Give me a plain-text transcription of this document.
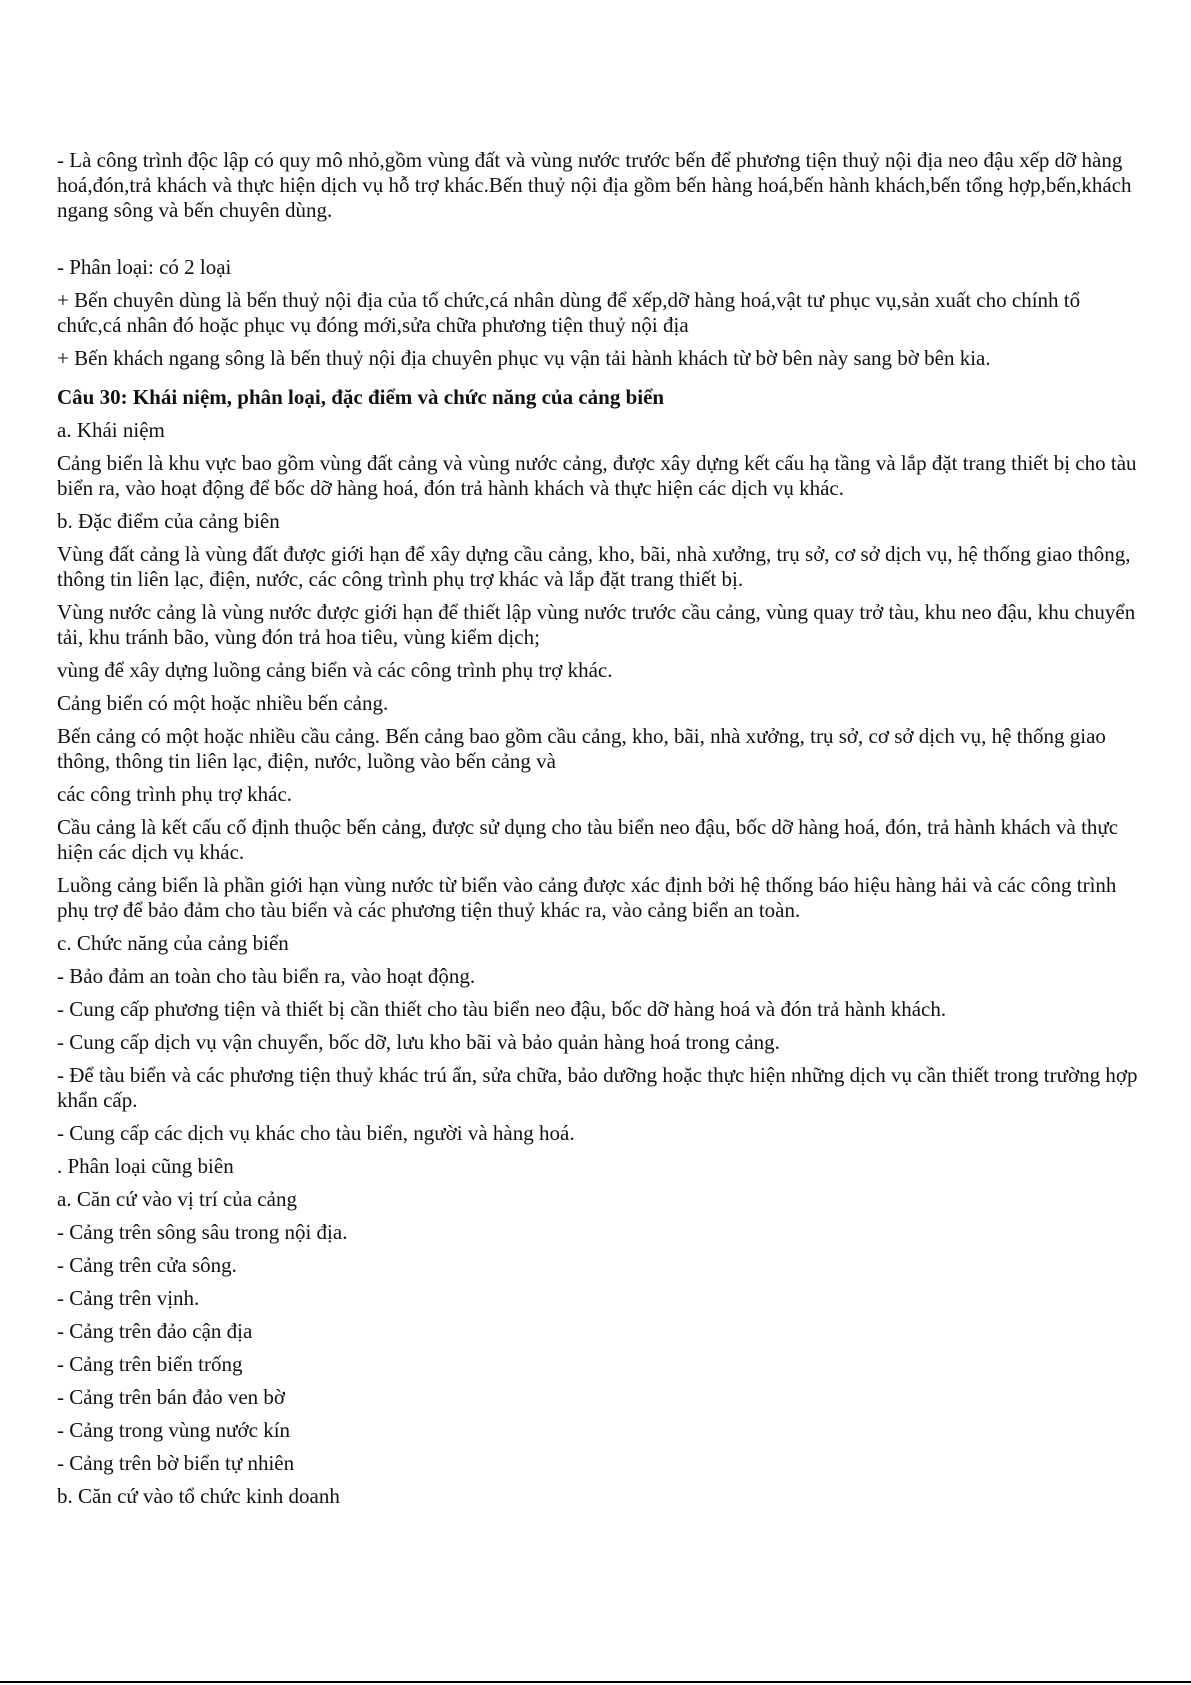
- Là công trình độc lập có quy mô nhỏ,gồm vùng đất và vùng nước trước bến để phương tiện thuỷ nội địa neo đậu xếp dỡ hàng hoá,đón,trả khách và thực hiện dịch vụ hỗ trợ khác.Bến thuỷ nội địa gồm bến hàng hoá,bến hành khách,bến tổng hợp,bến,khách ngang sông và bến chuyên dùng.

- Phân loại: có 2 loại

+ Bến chuyên dùng là bến thuỷ nội địa của tổ chức,cá nhân dùng để xếp,dỡ hàng hoá,vật tư phục vụ,sản xuất cho chính tổ chức,cá nhân đó hoặc phục vụ đóng mới,sửa chữa phương tiện thuỷ nội địa

+ Bến khách ngang sông là bến thuỷ nội địa chuyên phục vụ vận tải hành khách từ bờ bên này sang bờ bên kia.

Câu 30: Khái niệm, phân loại, đặc điểm và chức năng của cảng biển

a. Khái niệm

Cảng biển là khu vực bao gồm vùng đất cảng và vùng nước cảng, được xây dựng kết cấu hạ tầng và lắp đặt trang thiết bị cho tàu biển ra, vào hoạt động để bốc dỡ hàng hoá, đón trả hành khách và thực hiện các dịch vụ khác.

b. Đặc điểm của cảng biên

Vùng đất cảng là vùng đất được giới hạn để xây dựng cầu cảng, kho, bãi, nhà xưởng, trụ sở, cơ sở dịch vụ, hệ thống giao thông, thông tin liên lạc, điện, nước, các công trình phụ trợ khác và lắp đặt trang thiết bị.

Vùng nước cảng là vùng nước được giới hạn để thiết lập vùng nước trước cầu cảng, vùng quay trở tàu, khu neo đậu, khu chuyển tải, khu tránh bão, vùng đón trả hoa tiêu, vùng kiểm dịch;

vùng để xây dựng luồng cảng biển và các công trình phụ trợ khác.

Cảng biển có một hoặc nhiều bến cảng.

Bến cảng có một hoặc nhiều cầu cảng. Bến cảng bao gồm cầu cảng, kho, bãi, nhà xưởng, trụ sở, cơ sở dịch vụ, hệ thống giao thông, thông tin liên lạc, điện, nước, luồng vào bến cảng và

các công trình phụ trợ khác.

Cầu cảng là kết cấu cố định thuộc bến cảng, được sử dụng cho tàu biển neo đậu, bốc dỡ hàng hoá, đón, trả hành khách và thực hiện các dịch vụ khác.

Luồng cảng biển là phần giới hạn vùng nước từ biển vào cảng được xác định bởi hệ thống báo hiệu hàng hải và các công trình phụ trợ để bảo đảm cho tàu biển và các phương tiện thuỷ khác ra, vào cảng biển an toàn.

c. Chức năng của cảng biển

- Bảo đảm an toàn cho tàu biển ra, vào hoạt động.

- Cung cấp phương tiện và thiết bị cần thiết cho tàu biển neo đậu, bốc dỡ hàng hoá và đón trả hành khách.

- Cung cấp dịch vụ vận chuyển, bốc dỡ, lưu kho bãi và bảo quản hàng hoá trong cảng.

- Để tàu biển và các phương tiện thuỷ khác trú ẩn, sửa chữa, bảo dưỡng hoặc thực hiện những dịch vụ cần thiết trong trường hợp khẩn cấp.

- Cung cấp các dịch vụ khác cho tàu biển, người và hàng hoá.

. Phân loại cũng biên

a. Căn cứ vào vị trí của cảng

- Cảng trên sông sâu trong nội địa.

- Cảng trên cửa sông.

- Cảng trên vịnh.

- Cảng trên đảo cận địa

- Cảng trên biển trống

- Cảng trên bán đảo ven bờ

- Cảng trong vùng nước kín

- Cảng trên bờ biển tự nhiên

b. Căn cứ vào tổ chức kinh doanh
